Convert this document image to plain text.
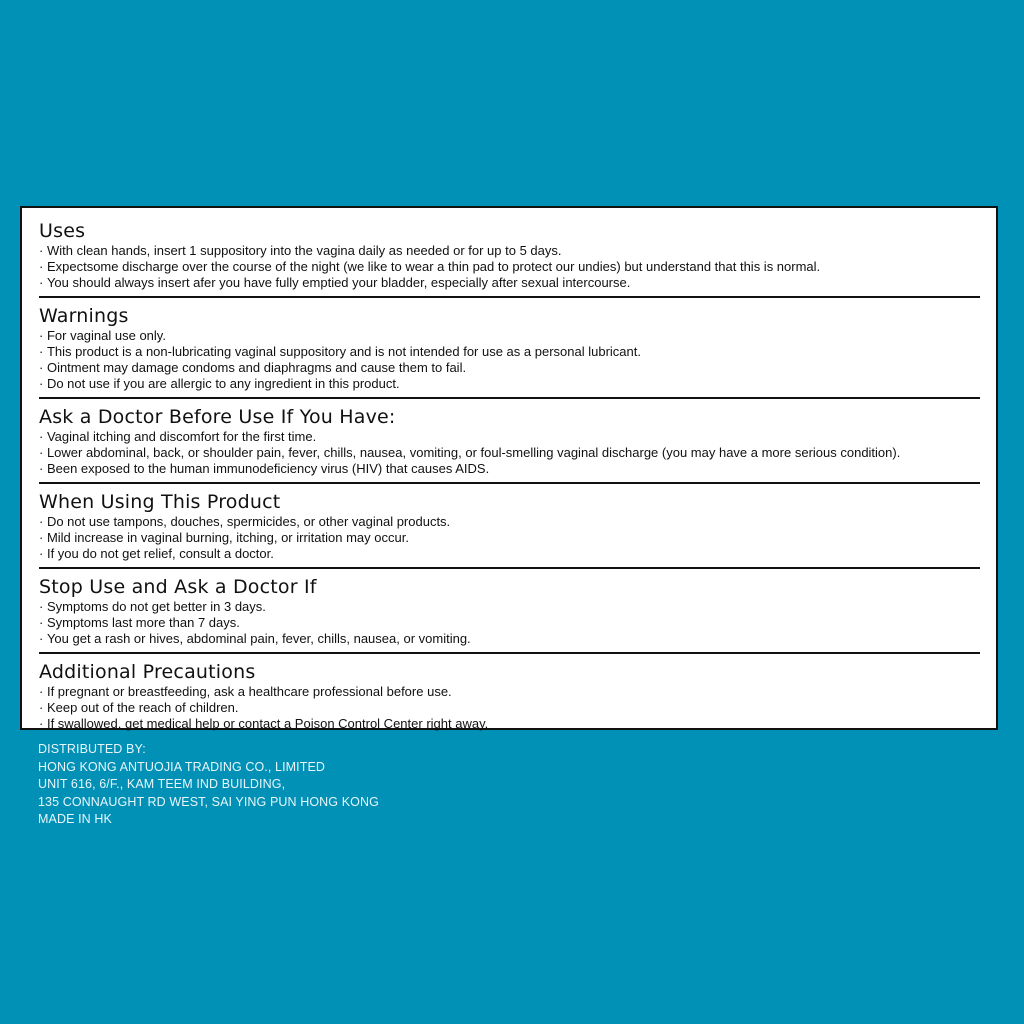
Uses
· With clean hands, insert 1 suppository into the vagina daily as needed or for up to 5 days.
· Expectsome discharge over the course of the night (we like to wear a thin pad to protect our undies) but understand that this is normal.
· You should always insert afer you have fully emptied your bladder, especially after sexual intercourse.
Warnings
· For vaginal use only.
· This product is a non-lubricating vaginal suppository and is not intended for use as a personal lubricant.
· Ointment may damage condoms and diaphragms and cause them to fail.
· Do not use if you are allergic to any ingredient in this product.
Ask a Doctor Before Use If You Have:
· Vaginal itching and discomfort for the first time.
· Lower abdominal, back, or shoulder pain, fever, chills, nausea, vomiting, or foul-smelling vaginal discharge (you may have a more serious condition).
· Been exposed to the human immunodeficiency virus (HIV) that causes AIDS.
When Using This Product
· Do not use tampons, douches, spermicides, or other vaginal products.
· Mild increase in vaginal burning, itching, or irritation may occur.
· If you do not get relief, consult a doctor.
Stop Use and Ask a Doctor If
· Symptoms do not get better in 3 days.
· Symptoms last more than 7 days.
· You get a rash or hives, abdominal pain, fever, chills, nausea, or vomiting.
Additional Precautions
· If pregnant or breastfeeding, ask a healthcare professional before use.
· Keep out of the reach of children.
· If swallowed, get medical help or contact a Poison Control Center right away.
DISTRIBUTED BY:
HONG KONG ANTUOJIA TRADING CO., LIMITED
UNIT 616, 6/F., KAM TEEM IND BUILDING,
135 CONNAUGHT RD WEST, SAI YING PUN HONG KONG
MADE IN HK
